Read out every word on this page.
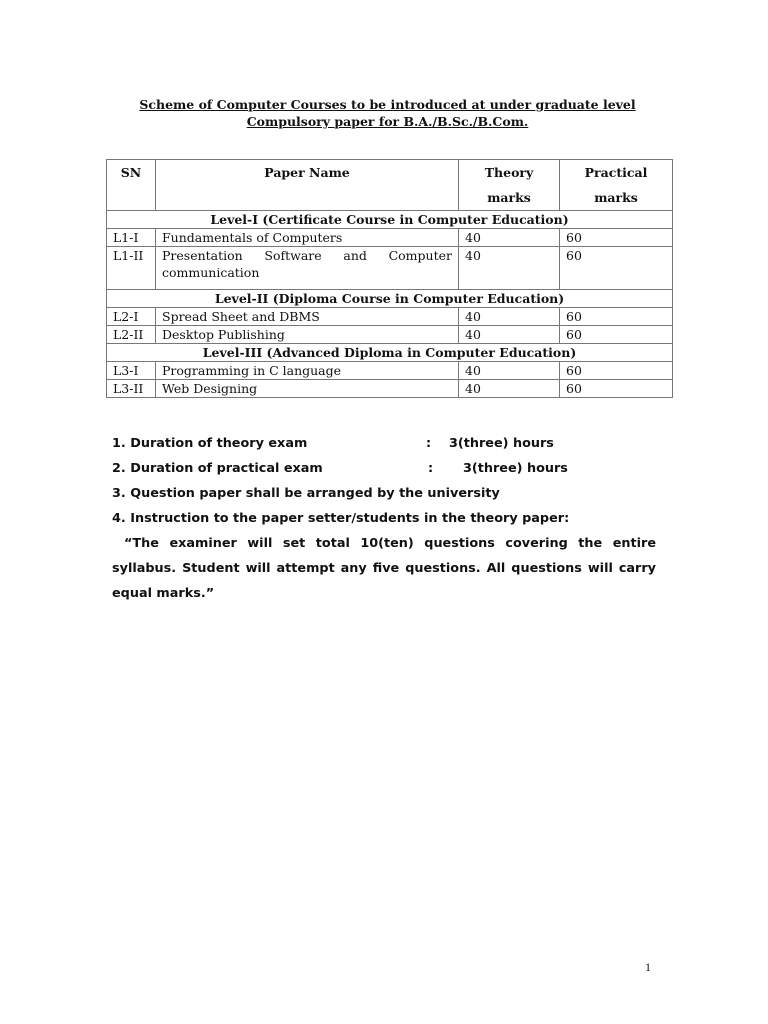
Scheme of Computer Courses to be introduced at under graduate level
Compulsory paper for B.A./B.Sc./B.Com.
SN	Paper Name	Theory marks	Practical marks
Level-I (Certificate Course in Computer Education)			
L1-I	Fundamentals of Computers	40	60
L1-II	Presentation Software and Computer communication	40	60
Level-II (Diploma Course in Computer Education)			
L2-I	Spread Sheet and DBMS	40	60
L2-II	Desktop Publishing	40	60
Level-III (Advanced Diploma in Computer Education)			
L3-I	Programming in C language	40	60
L3-II	Web Designing	40	60
1. Duration of theory exam	: 3(three) hours
2. Duration of practical exam	: 3(three) hours
3. Question paper shall be arranged by the university
4. Instruction to the paper setter/students in the theory paper:
“The examiner will set total 10(ten) questions covering the entire syllabus. Student will attempt any five questions. All questions will carry equal marks.”
1
